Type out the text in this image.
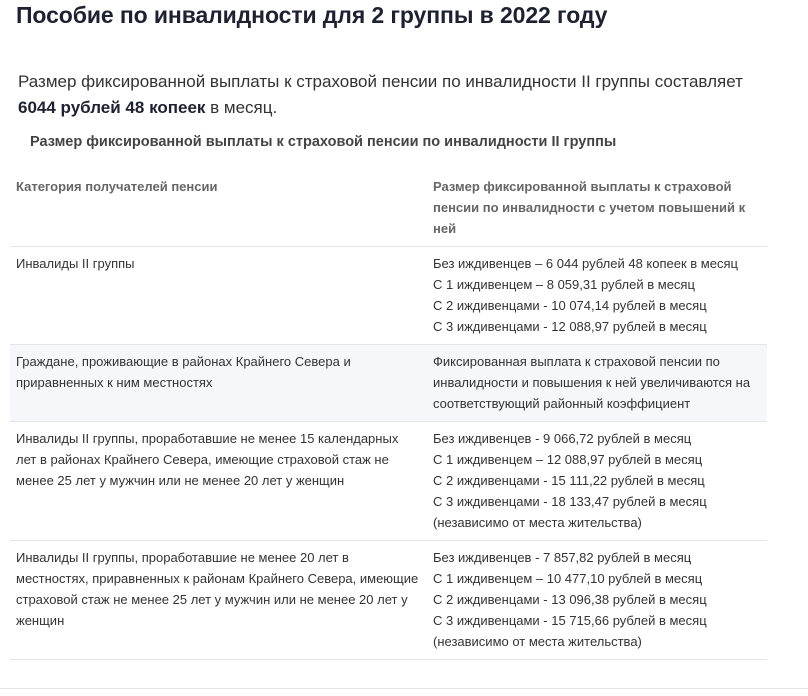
Пособие по инвалидности для 2 группы в 2022 году

Размер фиксированной выплаты к страховой пенсии по инвалидности II группы составляет 6044 рублей 48 копеек в месяц.

Размер фиксированной выплаты к страховой пенсии по инвалидности II группы
Категория получателей пенсии	Размер фиксированной выплаты к страховой пенсии по инвалидности с учетом повышений к ней
Инвалиды II группы	Без иждивенцев – 6 044 рублей 48 копеек в месяц
С 1 иждивенцем – 8 059,31 рублей в месяц
С 2 иждивенцами - 10 074,14 рублей в месяц
С 3 иждивенцами - 12 088,97 рублей в месяц

Граждане, проживающие в районах Крайнего Севера и приравненных к ним местностях	Фиксированная выплата к страховой пенсии по инвалидности и повышения к ней увеличиваются на соответствующий районный коэффициент

Инвалиды II группы, проработавшие не менее 15 календарных лет в районах Крайнего Севера, имеющие страховой стаж не менее 25 лет у мужчин или не менее 20 лет у женщин	Без иждивенцев - 9 066,72 рублей в месяц
С 1 иждивенцем – 12 088,97 рублей в месяц
С 2 иждивенцами - 15 111,22 рублей в месяц
С 3 иждивенцами - 18 133,47 рублей в месяц
(независимо от места жительства)

Инвалиды II группы, проработавшие не менее 20 лет в местностях, приравненных к районам Крайнего Севера, имеющие страховой стаж не менее 25 лет у мужчин или не менее 20 лет у женщин	Без иждивенцев - 7 857,82 рублей в месяц
С 1 иждивенцем – 10 477,10 рублей в месяц
С 2 иждивенцами - 13 096,38 рублей в месяц
С 3 иждивенцами - 15 715,66 рублей в месяц
(независимо от места жительства)
